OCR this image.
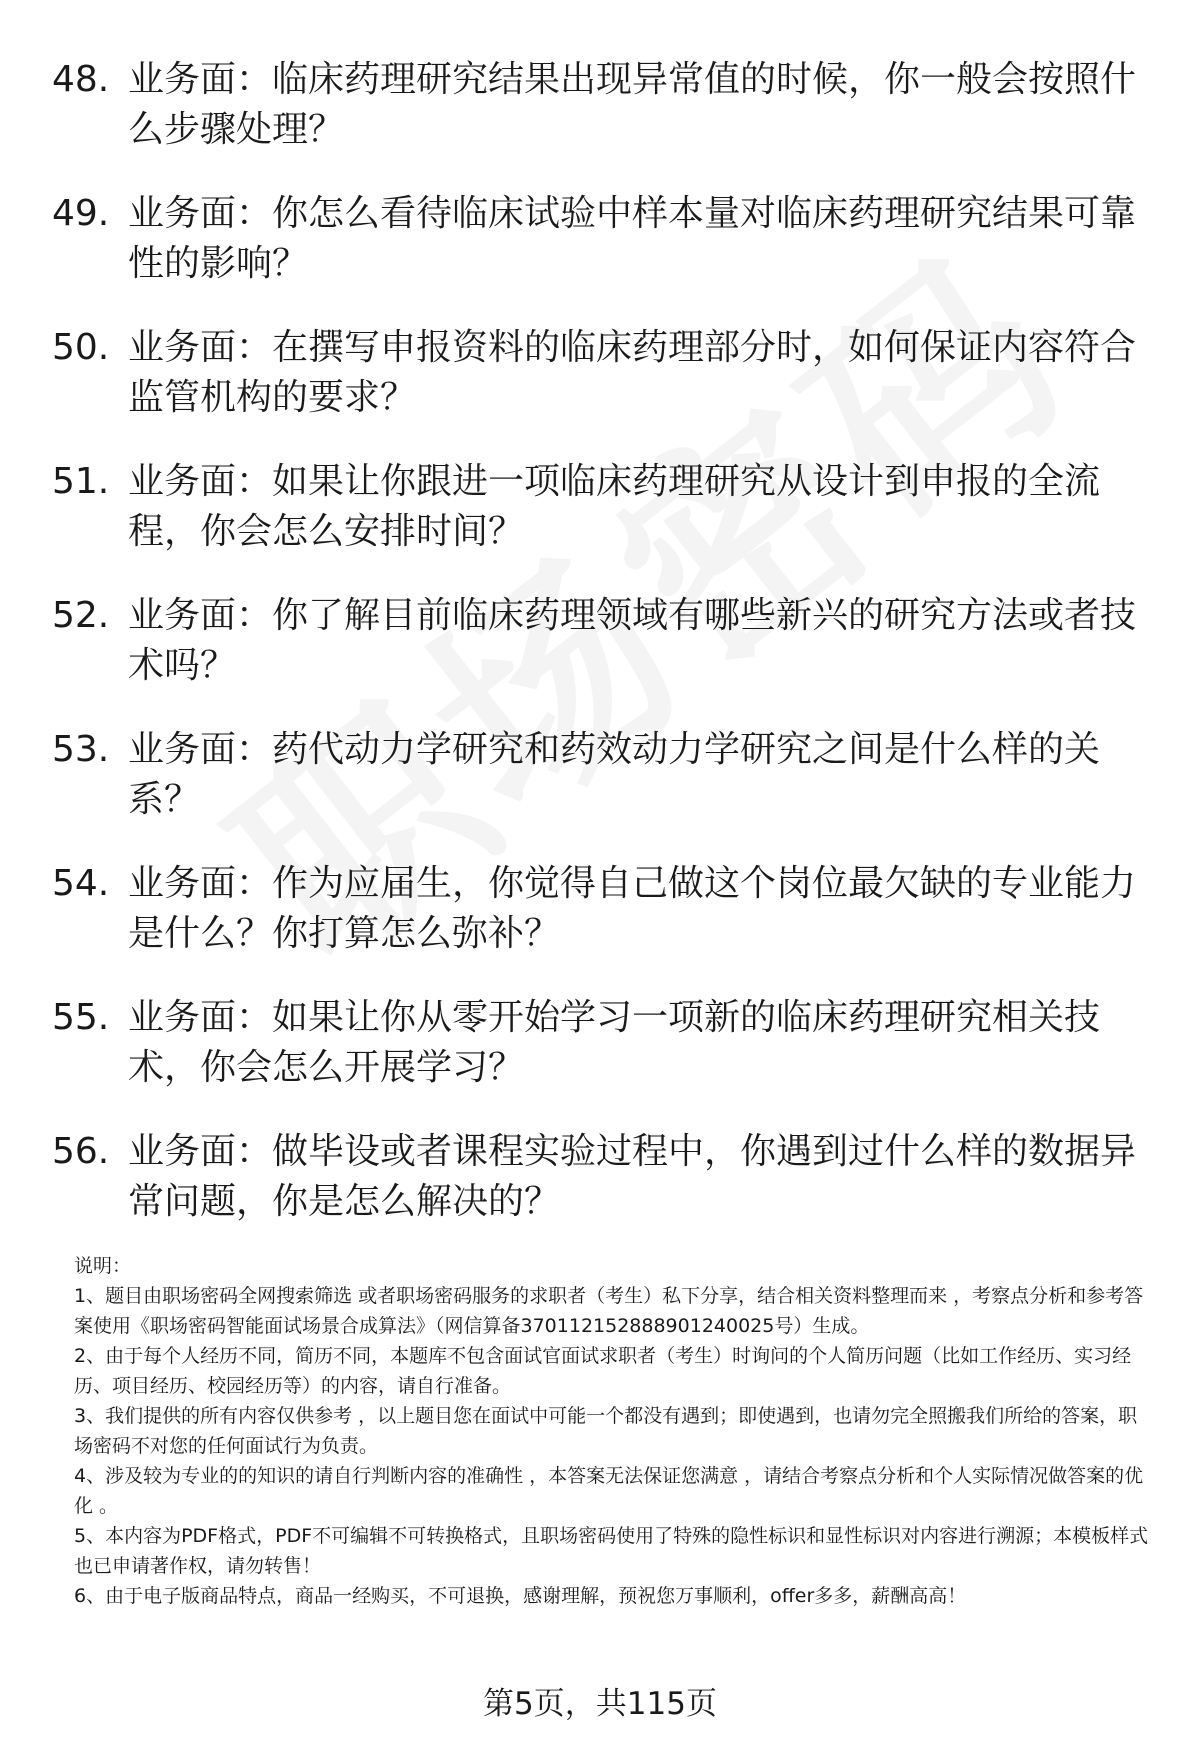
48. 业务面：临床药理研究结果出现异常值的时候，你一般会按照什么步骤处理？
49. 业务面：你怎么看待临床试验中样本量对临床药理研究结果可靠性的影响？
50. 业务面：在撰写申报资料的临床药理部分时，如何保证内容符合监管机构的要求？
51. 业务面：如果让你跟进一项临床药理研究从设计到申报的全流程，你会怎么安排时间？
52. 业务面：你了解目前临床药理领域有哪些新兴的研究方法或者技术吗？
53. 业务面：药代动力学研究和药效动力学研究之间是什么样的关系？
54. 业务面：作为应届生，你觉得自己做这个岗位最欠缺的专业能力是什么？你打算怎么弥补？
55. 业务面：如果让你从零开始学习一项新的临床药理研究相关技术，你会怎么开展学习？
56. 业务面：做毕设或者课程实验过程中，你遇到过什么样的数据异常问题，你是怎么解决的？
说明：

1、题目由职场密码全网搜索筛选 或者职场密码服务的求职者（考生）私下分享，结合相关资料整理而来 ，考察点分析和参考答案使用《职场密码智能面试场景合成算法》（网信算备370112152888901240025号）生成。

2、由于每个人经历不同，简历不同，本题库不包含面试官面试求职者（考生）时询问的个人简历问题（比如工作经历、实习经历、项目经历、校园经历等）的内容，请自行准备。

3、我们提供的所有内容仅供参考 ，以上题目您在面试中可能一个都没有遇到；即使遇到，也请勿完全照搬我们所给的答案，职场密码不对您的任何面试行为负责。

4、涉及较为专业的的知识的请自行判断内容的准确性 ，本答案无法保证您满意 ，请结合考察点分析和个人实际情况做答案的优化 。

5、本内容为PDF格式，PDF不可编辑不可转换格式，且职场密码使用了特殊的隐性标识和显性标识对内容进行溯源；本模板样式也已申请著作权，请勿转售！

6、由于电子版商品特点，商品一经购买，不可退换，感谢理解，预祝您万事顺利，offer多多，薪酬高高！

第5页，共115页
